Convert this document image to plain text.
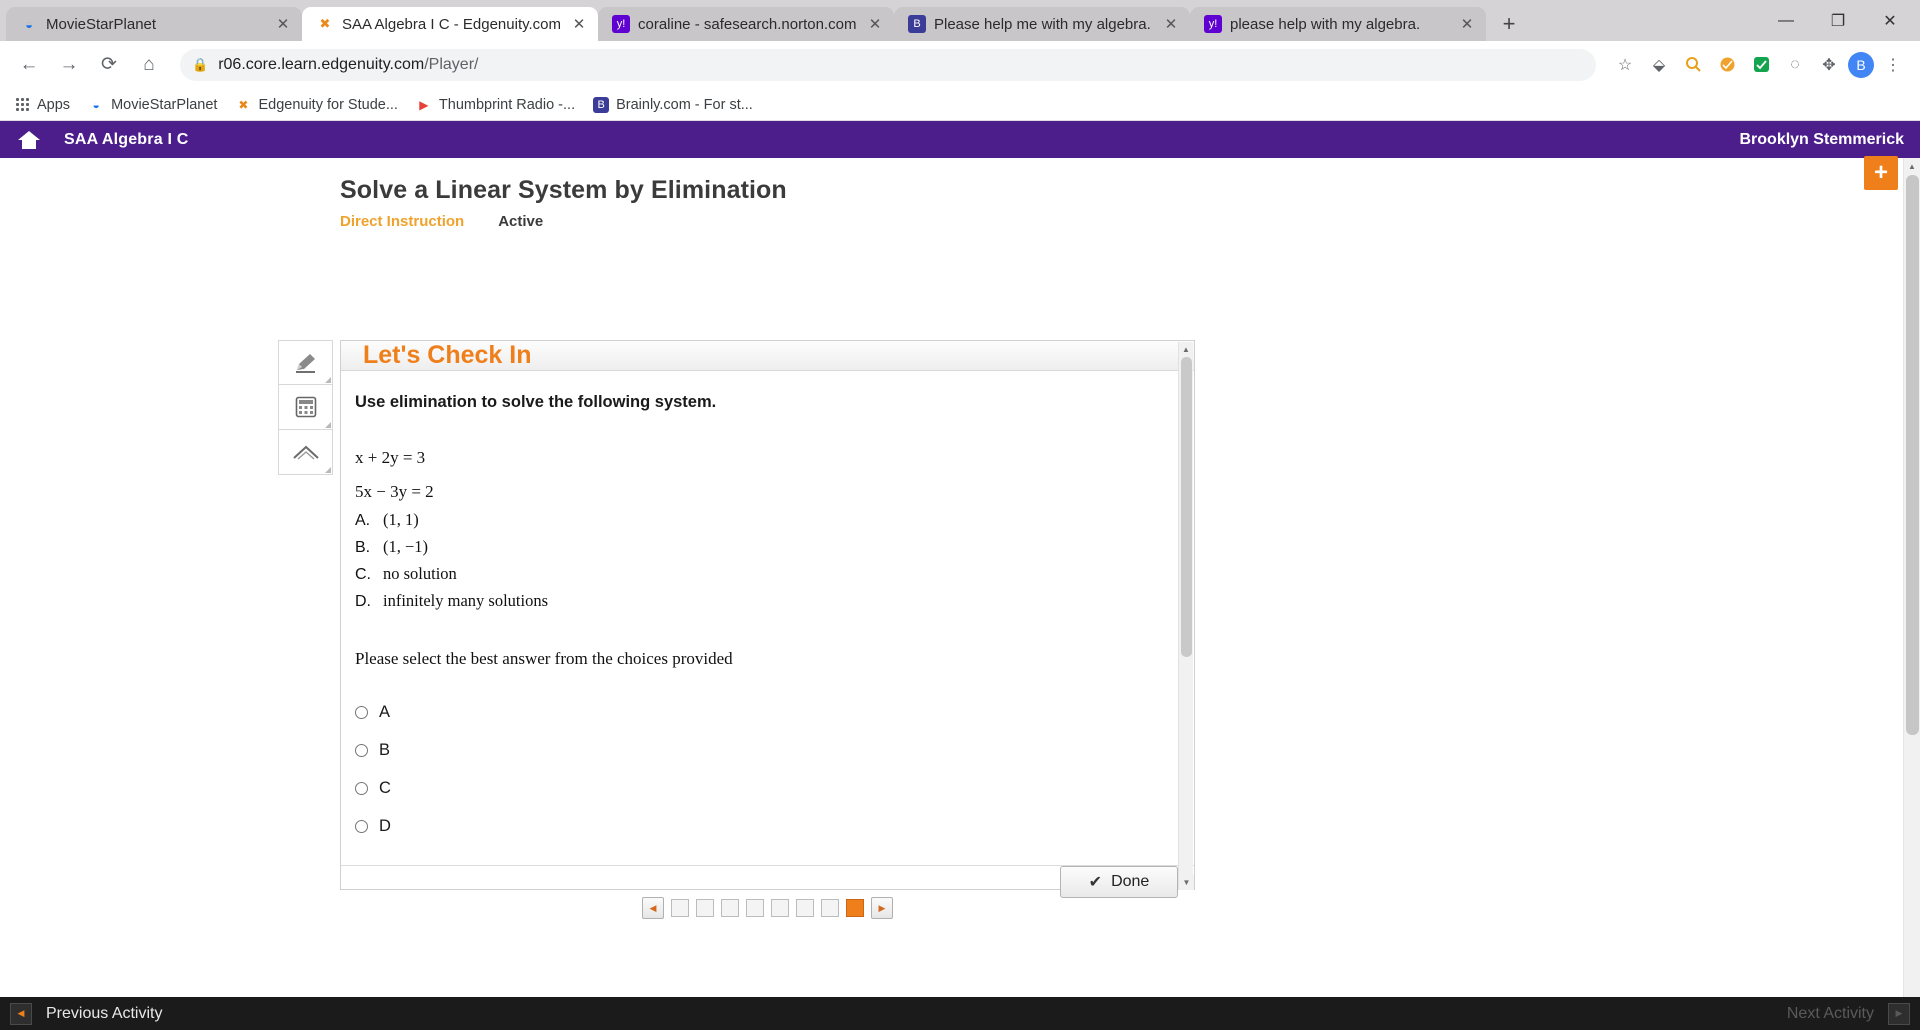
◒ MovieStarPlanet	✕ ✖ SAA Algebra I C - Edgenuity.com ✕	y! coraline - safesearch.norton.com ✕	B Please help me with my algebra. ✕	y! please help with my algebra.	✕	+	—	❐	✕
←	→	⟳	⌂	🔒 r06.core.learn.edgenuity.com/Player/	☆	⬙	◌	✥	B	⋮
Apps	◒ MovieStarPlanet ✖ Edgenuity for Stude... ▶ Thumbprint Radio -...	B Brainly.com - For st...
SAA Algebra I C	Brooklyn Stemmerick
Solve a Linear System by Elimination
Direct Instruction Active
+
Let's Check In
Use elimination to solve the following system.
x + 2y = 3
5x − 3y = 2
A. (1, 1)
B. (1, −1)
C. no solution
D. infinitely many solutions
Please select the best answer from the choices provided
A
B
C
D
✔ Done
▲
▼
◀	▶
▲
◀	Previous Activity	Next Activity	▶
